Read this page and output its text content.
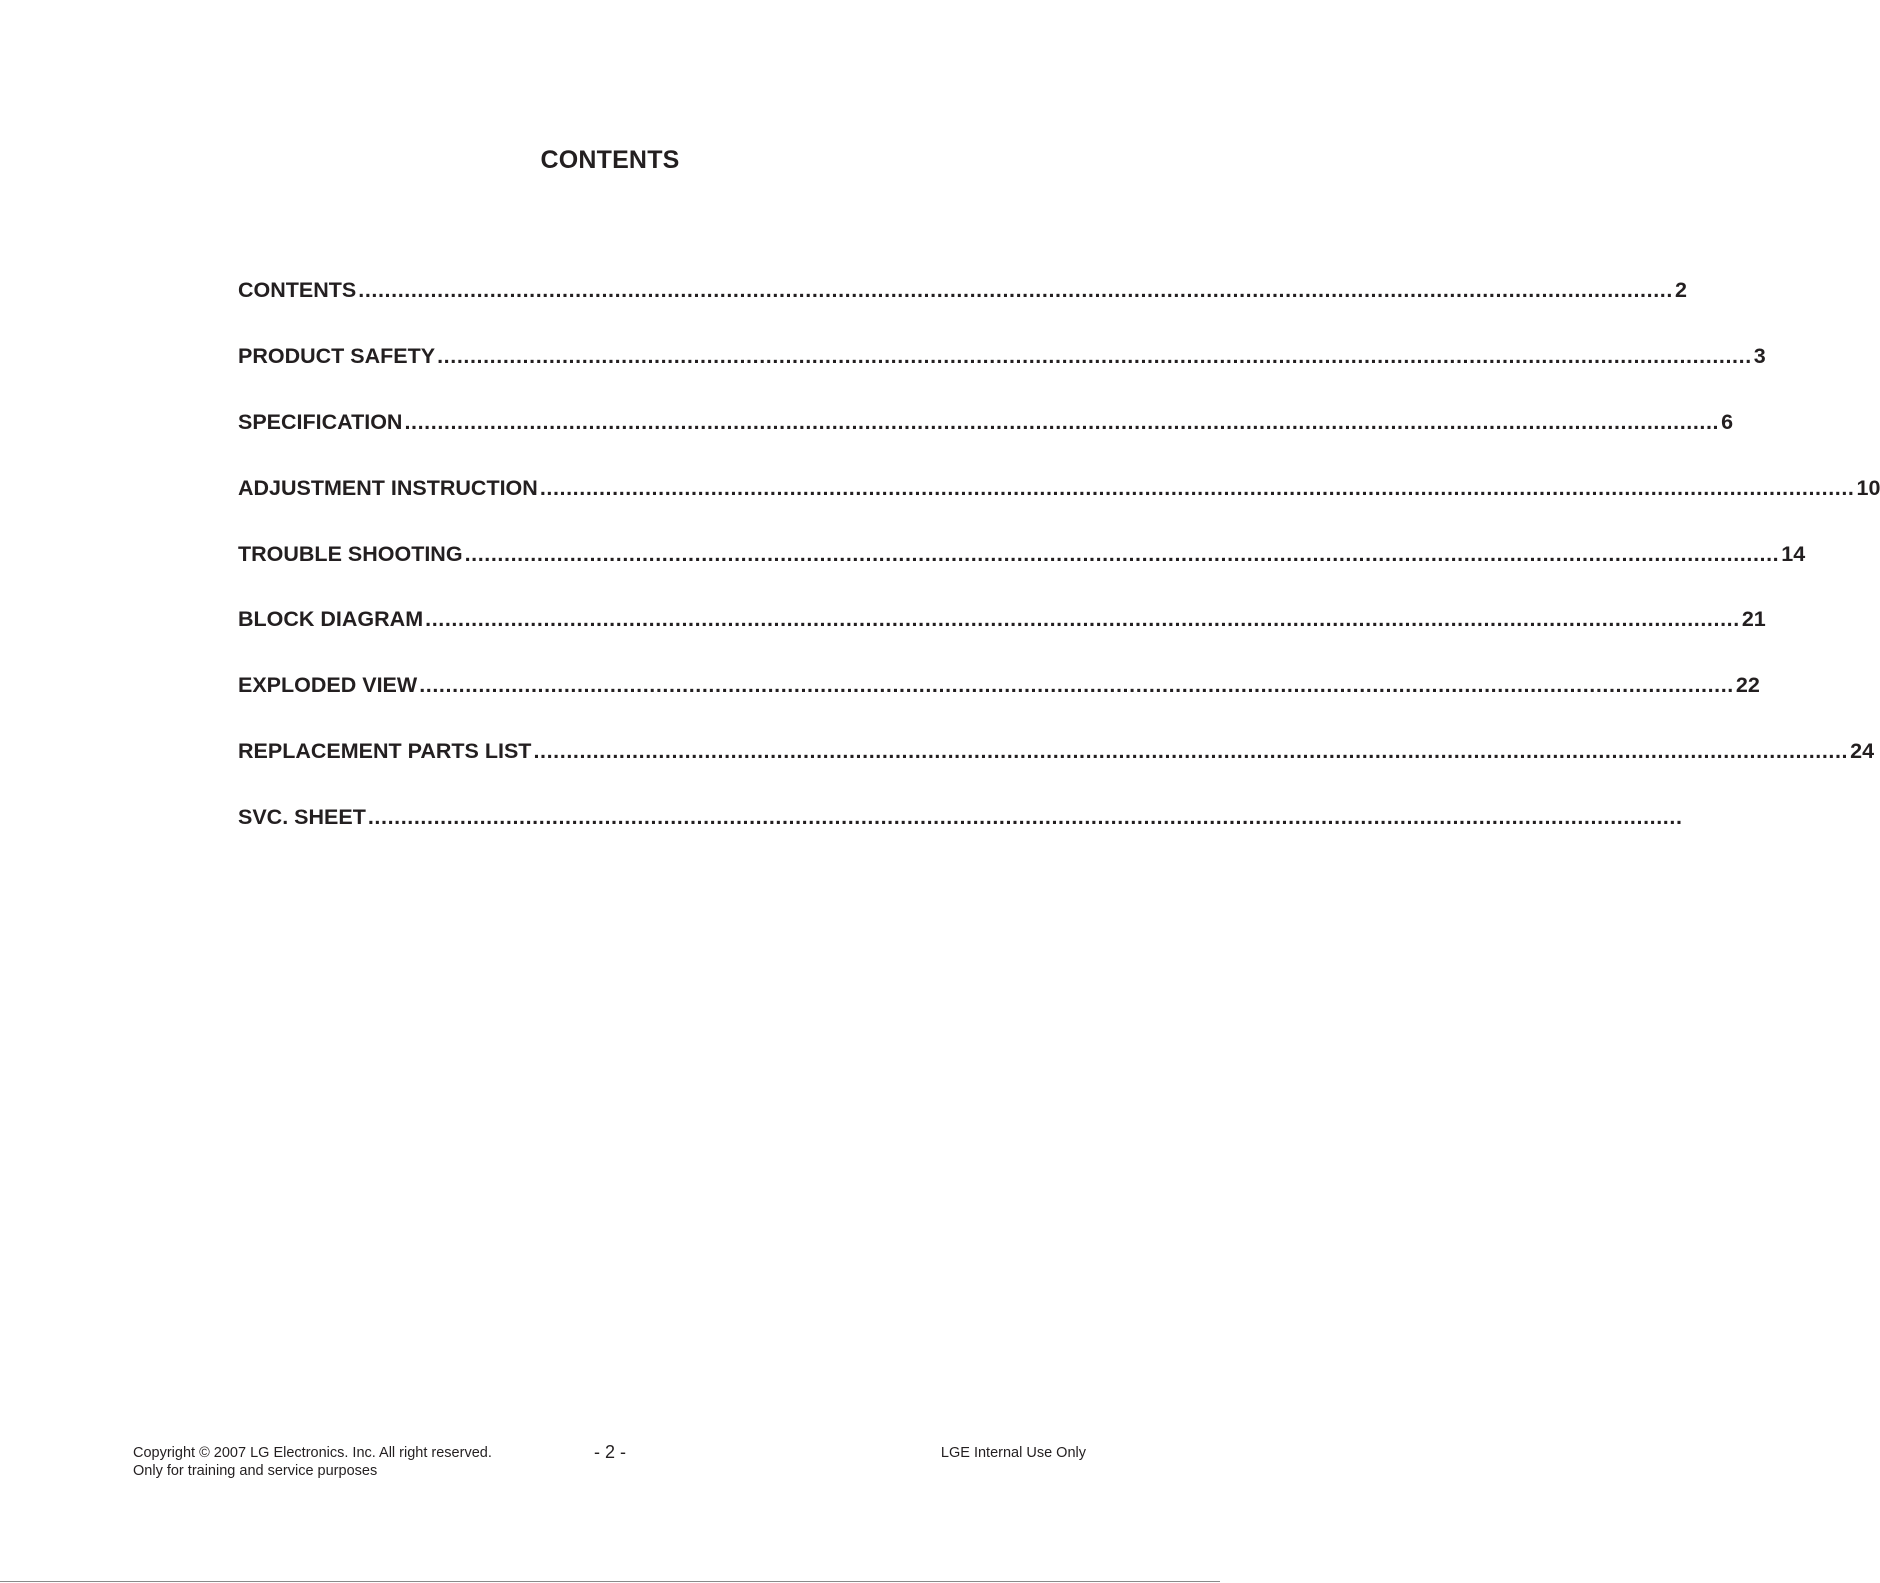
CONTENTS
CONTENTS ........................................................................................................................................................................................................ 2
PRODUCT SAFETY ........................................................................................................................................................................................................ 3
SPECIFICATION ........................................................................................................................................................................................................ 6
ADJUSTMENT INSTRUCTION ........................................................................................................................................................................................................ 10
TROUBLE SHOOTING ........................................................................................................................................................................................................ 14
BLOCK DIAGRAM ........................................................................................................................................................................................................ 21
EXPLODED VIEW ........................................................................................................................................................................................................ 22
REPLACEMENT PARTS LIST ........................................................................................................................................................................................................ 24
SVC. SHEET ........................................................................................................................................................................................................
Copyright © 2007 LG Electronics. Inc. All right reserved.
Only for training and service purposes
- 2 -	LGE Internal Use Only
